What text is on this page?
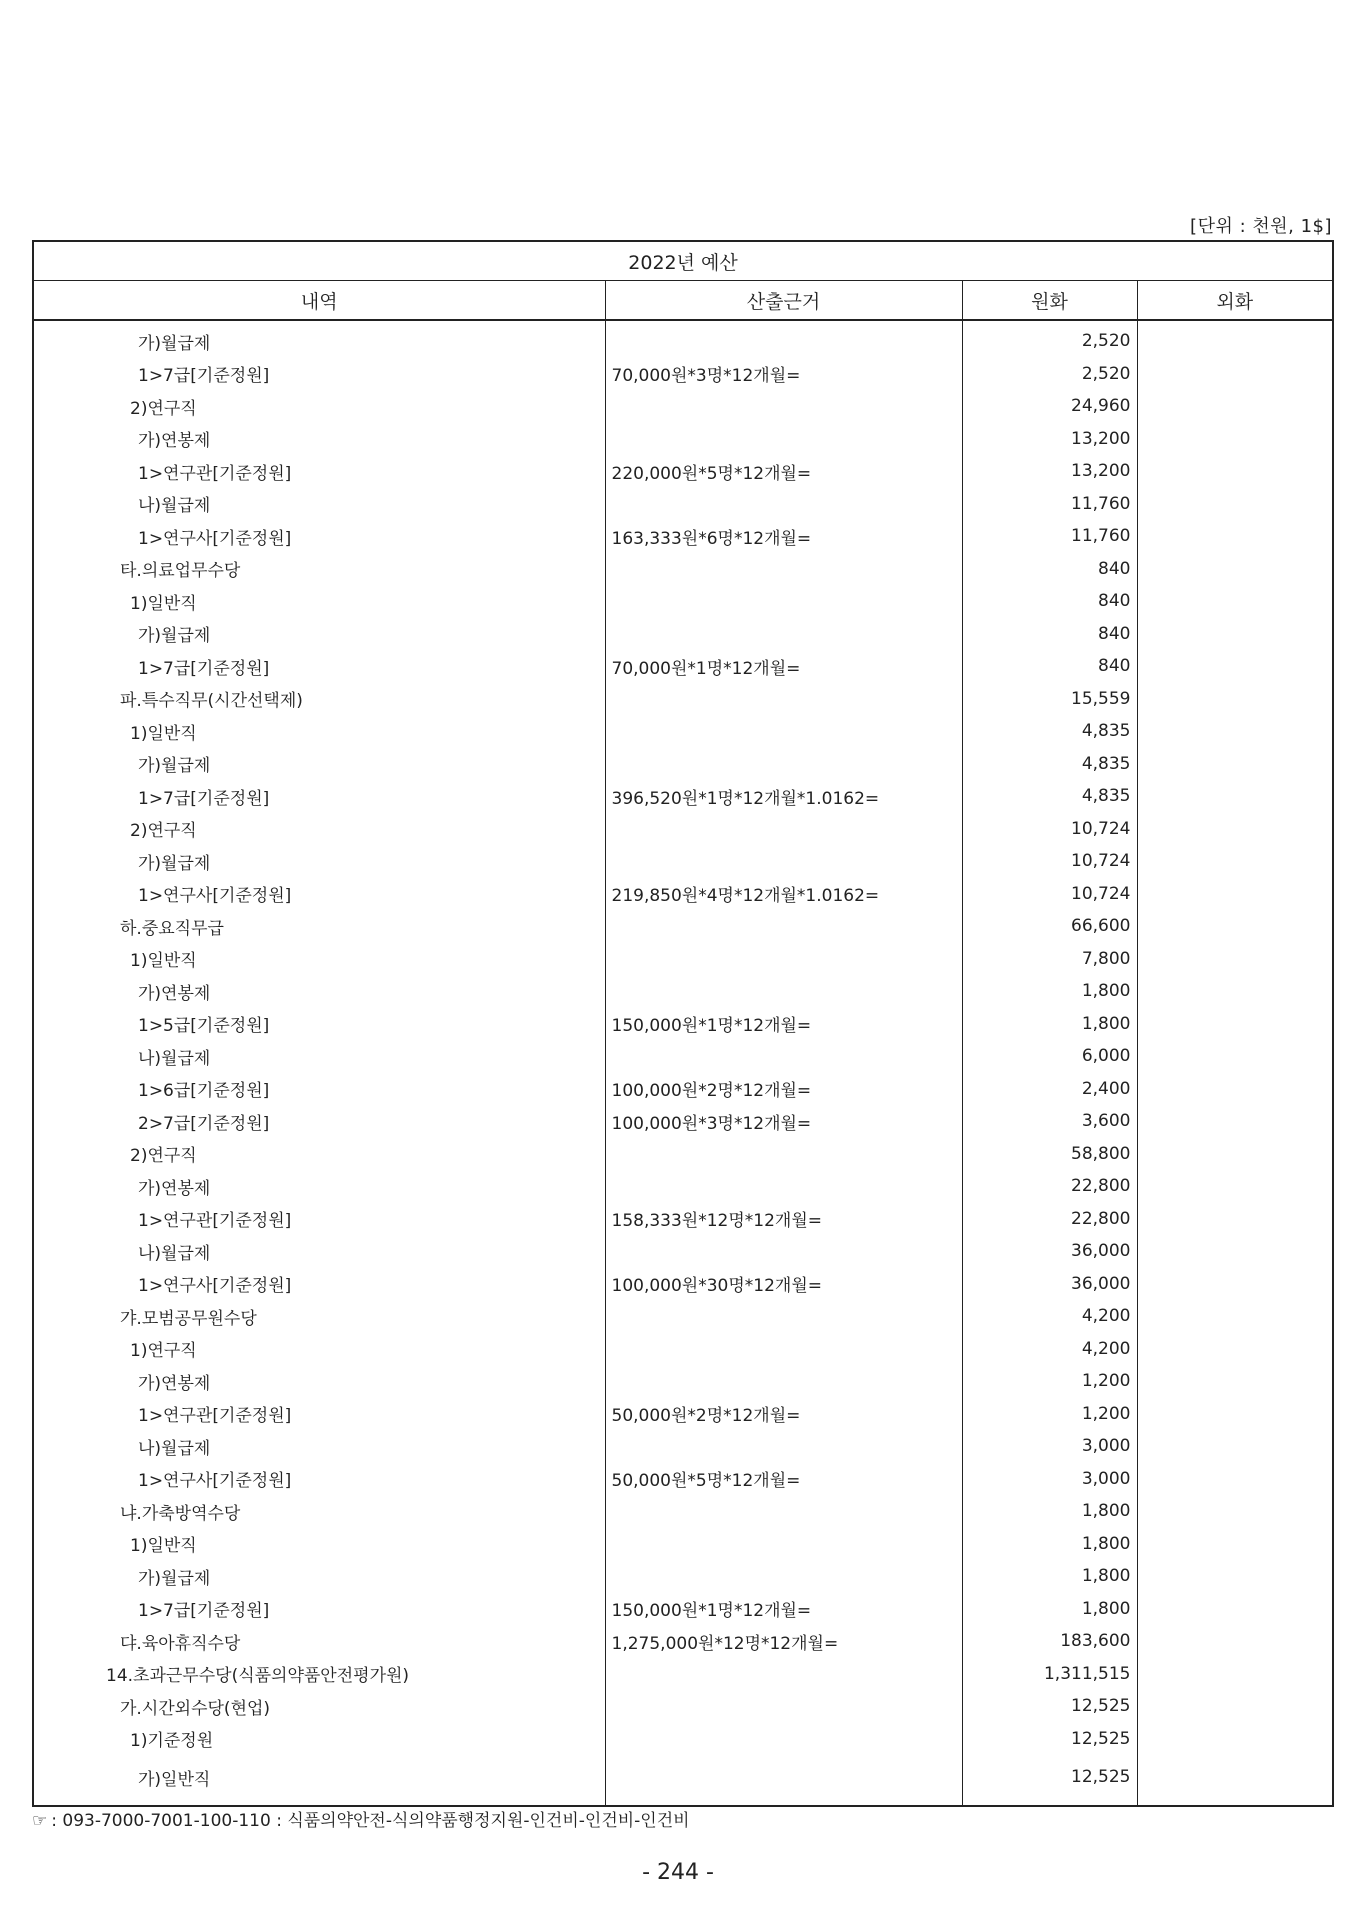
[단위 : 천원, 1$]
2022년 예산			
내역	산출근거	원화	외화
가)월급제		2,520	
1>7급[기준정원]	70,000원*3명*12개월=	2,520	
2)연구직		24,960	
가)연봉제		13,200	
1>연구관[기준정원]	220,000원*5명*12개월=	13,200	
나)월급제		11,760	
1>연구사[기준정원]	163,333원*6명*12개월=	11,760	
타.의료업무수당		840	
1)일반직		840	
가)월급제		840	
1>7급[기준정원]	70,000원*1명*12개월=	840	
파.특수직무(시간선택제)		15,559	
1)일반직		4,835	
가)월급제		4,835	
1>7급[기준정원]	396,520원*1명*12개월*1.0162=	4,835	
2)연구직		10,724	
가)월급제		10,724	
1>연구사[기준정원]	219,850원*4명*12개월*1.0162=	10,724	
하.중요직무급		66,600	
1)일반직		7,800	
가)연봉제		1,800	
1>5급[기준정원]	150,000원*1명*12개월=	1,800	
나)월급제		6,000	
1>6급[기준정원]	100,000원*2명*12개월=	2,400	
2>7급[기준정원]	100,000원*3명*12개월=	3,600	
2)연구직		58,800	
가)연봉제		22,800	
1>연구관[기준정원]	158,333원*12명*12개월=	22,800	
나)월급제		36,000	
1>연구사[기준정원]	100,000원*30명*12개월=	36,000	
갸.모범공무원수당		4,200	
1)연구직		4,200	
가)연봉제		1,200	
1>연구관[기준정원]	50,000원*2명*12개월=	1,200	
나)월급제		3,000	
1>연구사[기준정원]	50,000원*5명*12개월=	3,000	
냐.가축방역수당		1,800	
1)일반직		1,800	
가)월급제		1,800	
1>7급[기준정원]	150,000원*1명*12개월=	1,800	
댜.육아휴직수당	1,275,000원*12명*12개월=	183,600	
14.초과근무수당(식품의약품안전평가원)		1,311,515	
가.시간외수당(현업)		12,525	
1)기준정원		12,525	
가)일반직		12,525	
☞ : 093-7000-7001-100-110 : 식품의약안전-식의약품행정지원-인건비-인건비-인건비
- 244 -
